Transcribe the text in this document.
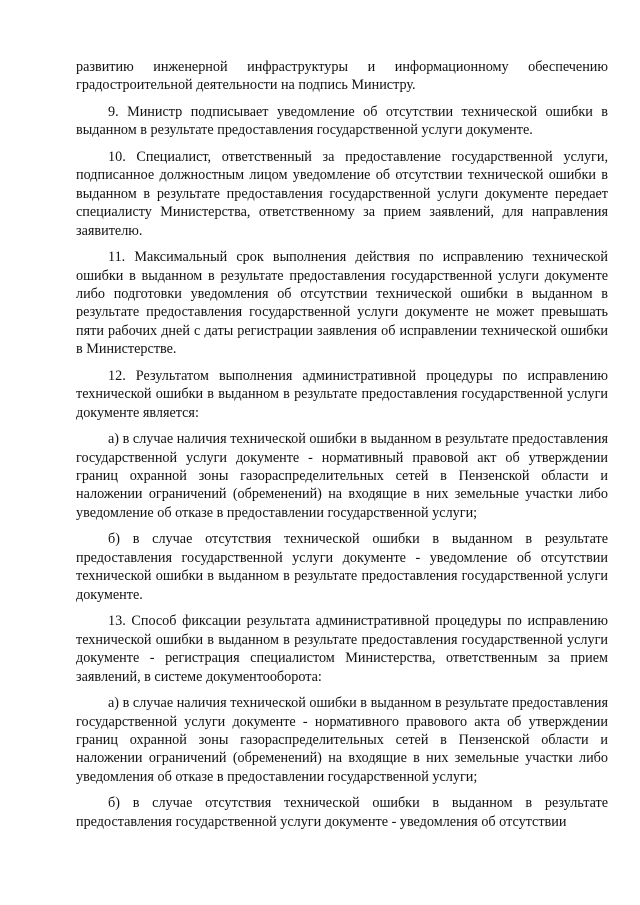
развитию инженерной инфраструктуры и информационному обеспечению градостроительной деятельности на подпись Министру.

9. Министр подписывает уведомление об отсутствии технической ошибки в выданном в результате предоставления государственной услуги документе.

10. Специалист, ответственный за предоставление государственной услуги, подписанное должностным лицом уведомление об отсутствии технической ошибки в выданном в результате предоставления государственной услуги документе передает специалисту Министерства, ответственному за прием заявлений, для направления заявителю.

11. Максимальный срок выполнения действия по исправлению технической ошибки в выданном в результате предоставления государственной услуги документе либо подготовки уведомления об отсутствии технической ошибки в выданном в результате предоставления государственной услуги документе не может превышать пяти рабочих дней с даты регистрации заявления об исправлении технической ошибки в Министерстве.

12. Результатом выполнения административной процедуры по исправлению технической ошибки в выданном в результате предоставления государственной услуги документе является:

а) в случае наличия технической ошибки в выданном в результате предоставления государственной услуги документе - нормативный правовой акт об утверждении границ охранной зоны газораспределительных сетей в Пензенской области и наложении ограничений (обременений) на входящие в них земельные участки либо уведомление об отказе в предоставлении государственной услуги;

б) в случае отсутствия технической ошибки в выданном в результате предоставления государственной услуги документе - уведомление об отсутствии технической ошибки в выданном в результате предоставления государственной услуги документе.

13. Способ фиксации результата административной процедуры по исправлению технической ошибки в выданном в результате предоставления государственной услуги документе - регистрация специалистом Министерства, ответственным за прием заявлений, в системе документооборота:

а) в случае наличия технической ошибки в выданном в результате предоставления государственной услуги документе - нормативного правового акта об утверждении границ охранной зоны газораспределительных сетей в Пензенской области и наложении ограничений (обременений) на входящие в них земельные участки либо уведомления об отказе в предоставлении государственной услуги;

б) в случае отсутствия технической ошибки в выданном в результате предоставления государственной услуги документе - уведомления об отсутствии
